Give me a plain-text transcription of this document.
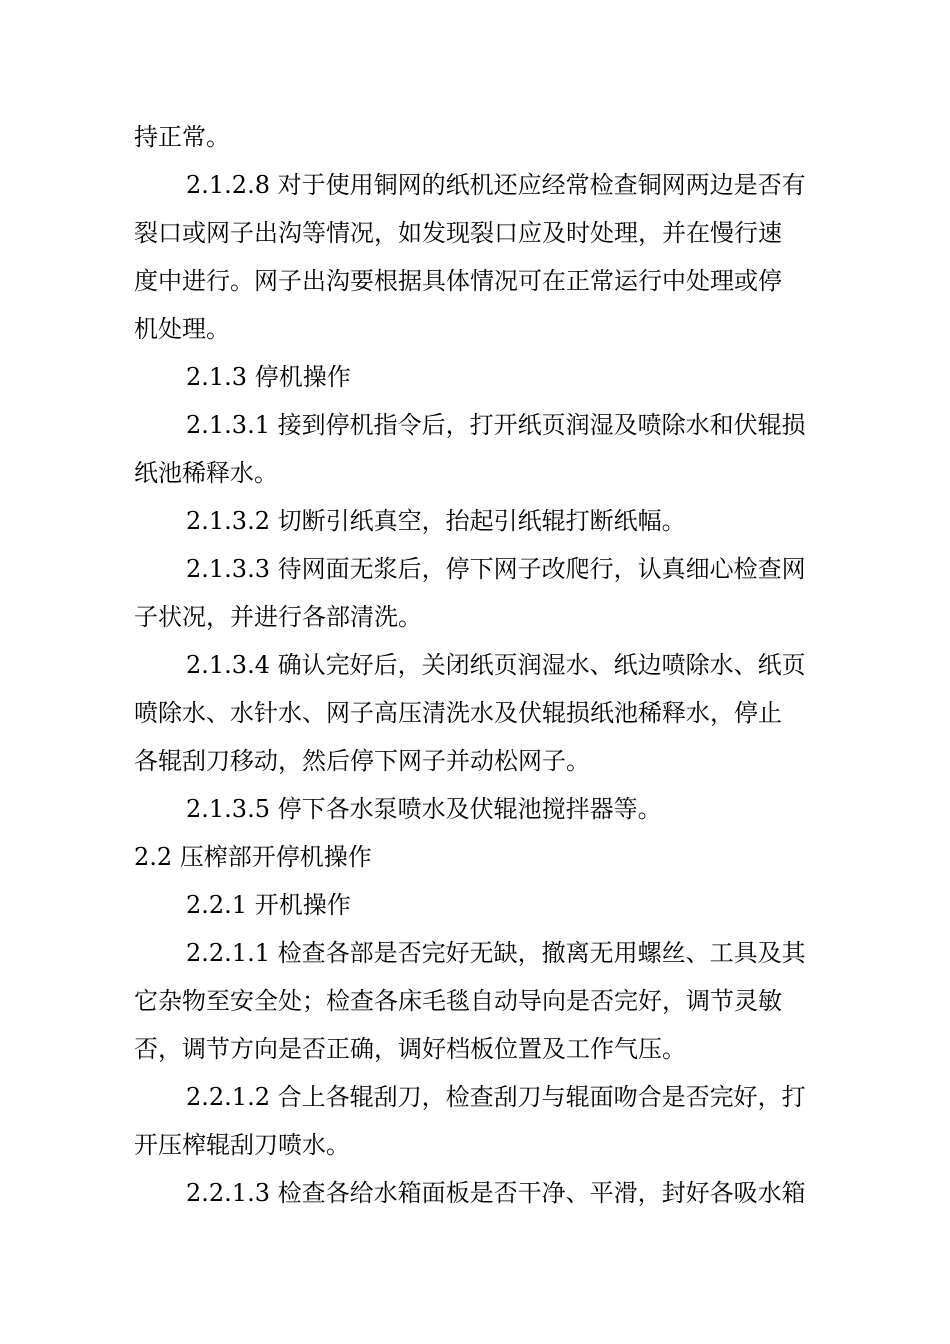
持正常。
2.1.2.8 对于使用铜网的纸机还应经常检查铜网两边是否有
裂口或网子出沟等情况，如发现裂口应及时处理，并在慢行速
度中进行。网子出沟要根据具体情况可在正常运行中处理或停
机处理。
2.1.3 停机操作
2.1.3.1 接到停机指令后，打开纸页润湿及喷除水和伏辊损
纸池稀释水。
2.1.3.2 切断引纸真空，抬起引纸辊打断纸幅。
2.1.3.3 待网面无浆后，停下网子改爬行，认真细心检查网
子状况，并进行各部清洗。
2.1.3.4 确认完好后，关闭纸页润湿水、纸边喷除水、纸页
喷除水、水针水、网子高压清洗水及伏辊损纸池稀释水，停止
各辊刮刀移动，然后停下网子并动松网子。
2.1.3.5 停下各水泵喷水及伏辊池搅拌器等。
2.2 压榨部开停机操作
2.2.1 开机操作
2.2.1.1 检查各部是否完好无缺，撤离无用螺丝、工具及其
它杂物至安全处；检查各床毛毯自动导向是否完好，调节灵敏
否，调节方向是否正确，调好档板位置及工作气压。
2.2.1.2 合上各辊刮刀，检查刮刀与辊面吻合是否完好，打
开压榨辊刮刀喷水。
2.2.1.3 检查各给水箱面板是否干净、平滑，封好各吸水箱
